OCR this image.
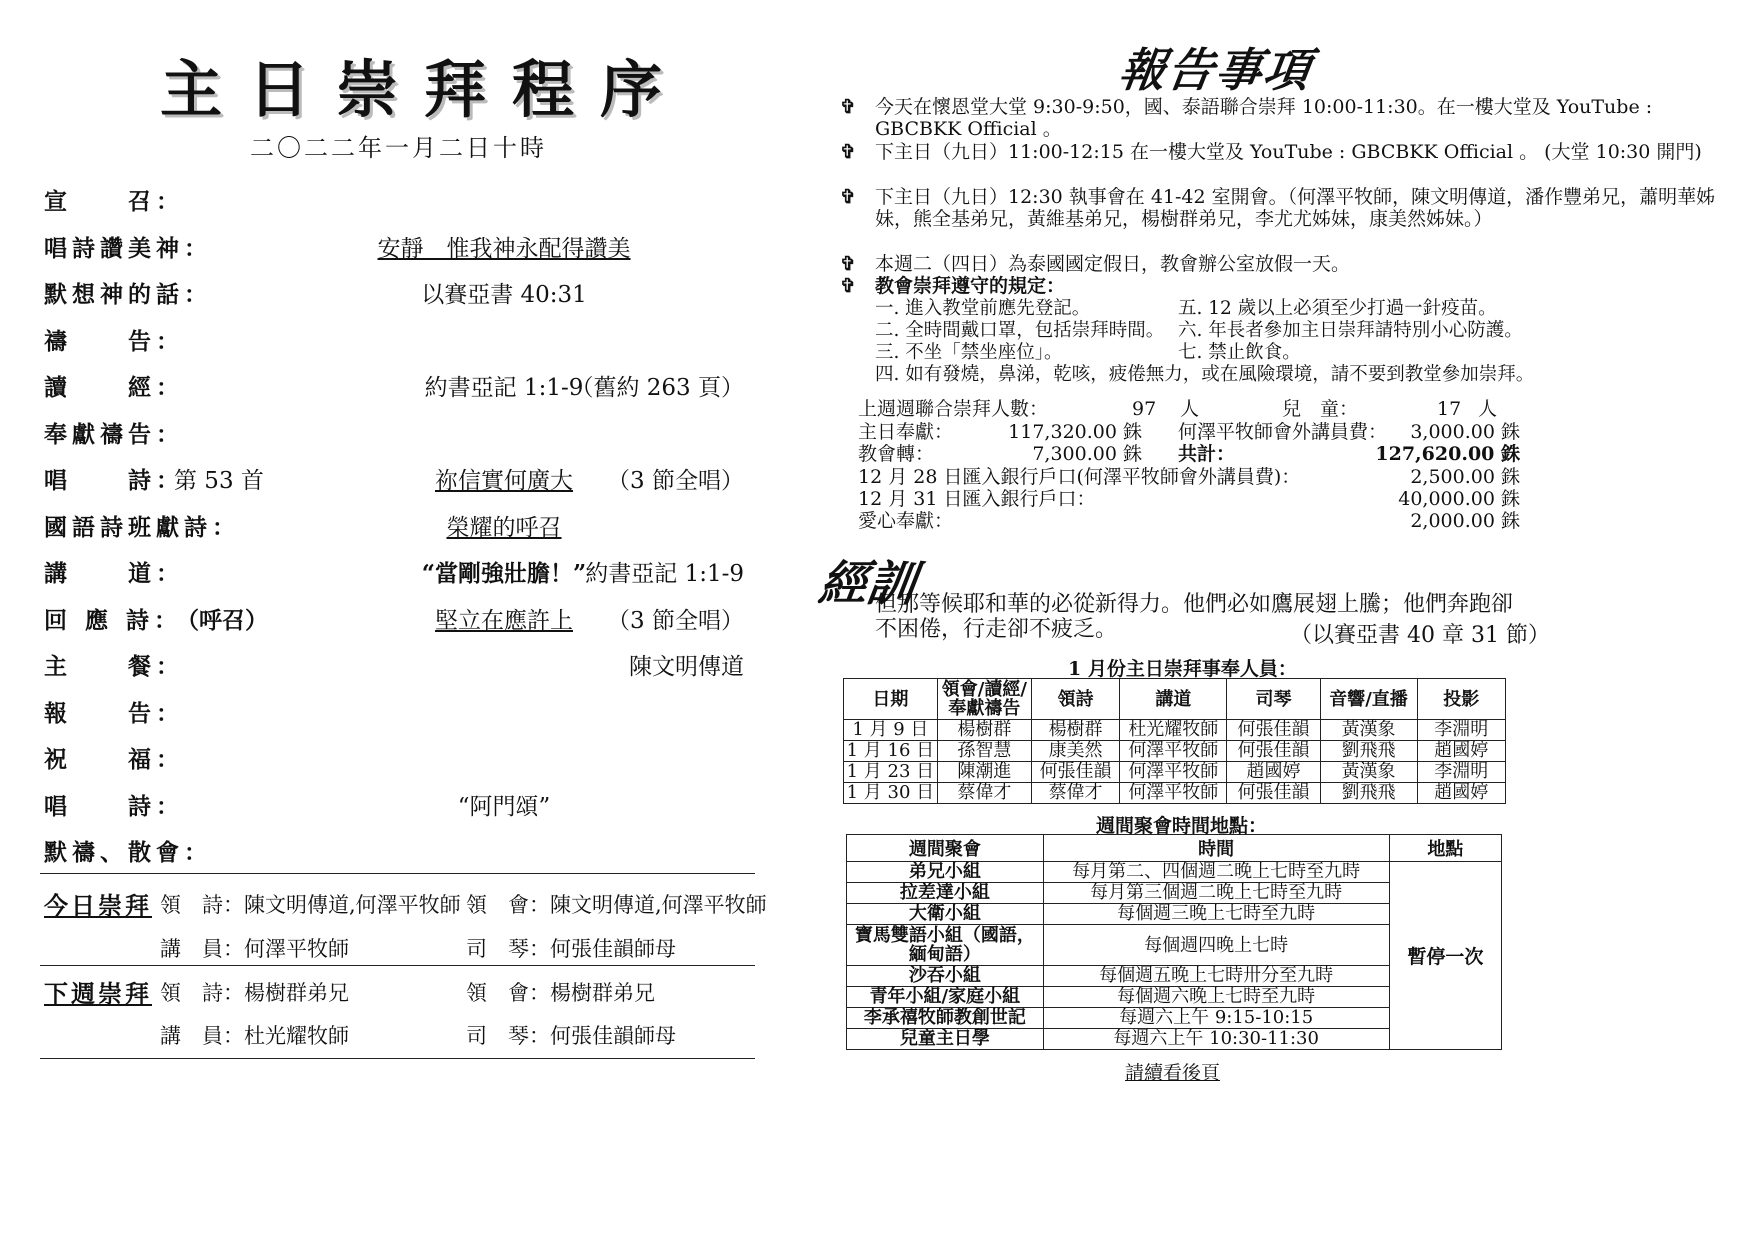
主日崇拜程序
二〇二二年一月二日十時
宣　　召：
唱詩讚美神：	安靜　惟我神永配得讚美
默想神的話：	以賽亞書 40:31
禱　　告：
讀　　經：	約書亞記 1:1-9
（舊約 263 頁）
奉獻禱告：
唱　　詩：
第 53 首	祢信實何廣大	（3 節全唱）
國語詩班獻詩：	榮耀的呼召
講　　道：	“當剛強壯膽！” 約書亞記 1:1-9
回 應 詩：
（呼召）	堅立在應許上	（3 節全唱）
主　　餐：	陳文明傳道
報　　告：
祝　　福：
唱　　詩：	“阿門頌”
默禱、散會：
今日崇拜 領　詩：陳文明傳道,何澤平牧師 領　會：陳文明傳道,何澤平牧師
講　員：何澤平牧師	司　琴：何張佳韻師母
下週崇拜 領　詩：楊樹群弟兄	領　會：楊樹群弟兄
講　員：杜光耀牧師	司　琴：何張佳韻師母
報告事項
✞ 今天在懷恩堂大堂 9:30-9:50，國、泰語聯合崇拜 10:00-11:30。在一樓大堂及 YouTube : GBCBKK Official 。
✞ 下主日（九日）11:00-12:15 在一樓大堂及 YouTube : GBCBKK Official 。 (大堂 10:30 開門)
✞ 下主日（九日）12:30 執事會在 41-42 室開會。（何澤平牧師，陳文明傳道，潘作豐弟兄，蕭明華姊妹，熊全基弟兄，黃維基弟兄，楊樹群弟兄，李尤尤姊妹，康美然姊妹。）
✞ 本週二（四日）為泰國國定假日，教會辦公室放假一天。
✞ 教會崇拜遵守的規定：
一. 進入教堂前應先登記。	五. 12 歲以上必須至少打過一針疫苗。
二. 全時間戴口罩，包括崇拜時間。 六. 年長者參加主日崇拜請特別小心防護。
三. 不坐「禁坐座位」。	七. 禁止飲食。
四. 如有發燒，鼻涕，乾咳，疲倦無力，或在風險環境，請不要到教堂參加崇拜。
上週週聯合崇拜人數：	97 人	兒　童：	17 人
主日奉獻：	117,320.00 銖 何澤平牧師會外講員費： 3,000.00 銖
教會轉：	7,300.00 銖 共計：	127,620.00 銖
12 月 28 日匯入銀行戶口(何澤平牧師會外講員費)：	2,500.00 銖
12 月 31 日匯入銀行戶口：	40,000.00 銖
愛心奉獻：	2,000.00 銖
經訓
但那等候耶和華的必從新得力。他們必如鷹展翅上騰；他們奔跑卻不困倦，行走卻不疲乏。	（以賽亞書 40 章 31 節）
1 月份主日崇拜事奉人員：
日期	領會/讀經/奉獻禱告	領詩	講道	司琴	音響/直播	投影
1 月 9 日	楊樹群	楊樹群	杜光耀牧師	何張佳韻	黃漢象	李淵明
1 月 16 日	孫智慧	康美然	何澤平牧師	何張佳韻	劉飛飛	趙國婷
1 月 23 日	陳潮進	何張佳韻	何澤平牧師	趙國婷	黃漢象	李淵明
1 月 30 日	蔡偉才	蔡偉才	何澤平牧師	何張佳韻	劉飛飛	趙國婷
週間聚會時間地點：
週間聚會	時間	地點
弟兄小組	每月第二、四個週二晚上七時至九時	暫停一次
拉差達小組	每月第三個週二晚上七時至九時	
大衛小組	每個週三晚上七時至九時	
寶馬雙語小組（國語，緬甸語）	每個週四晚上七時	
沙吞小組	每個週五晚上七時卅分至九時	
青年小組/家庭小組	每個週六晚上七時至九時	
李承禧牧師教創世記	每週六上午 9:15-10:15	
兒童主日學	每週六上午 10:30-11:30	
請續看後頁
